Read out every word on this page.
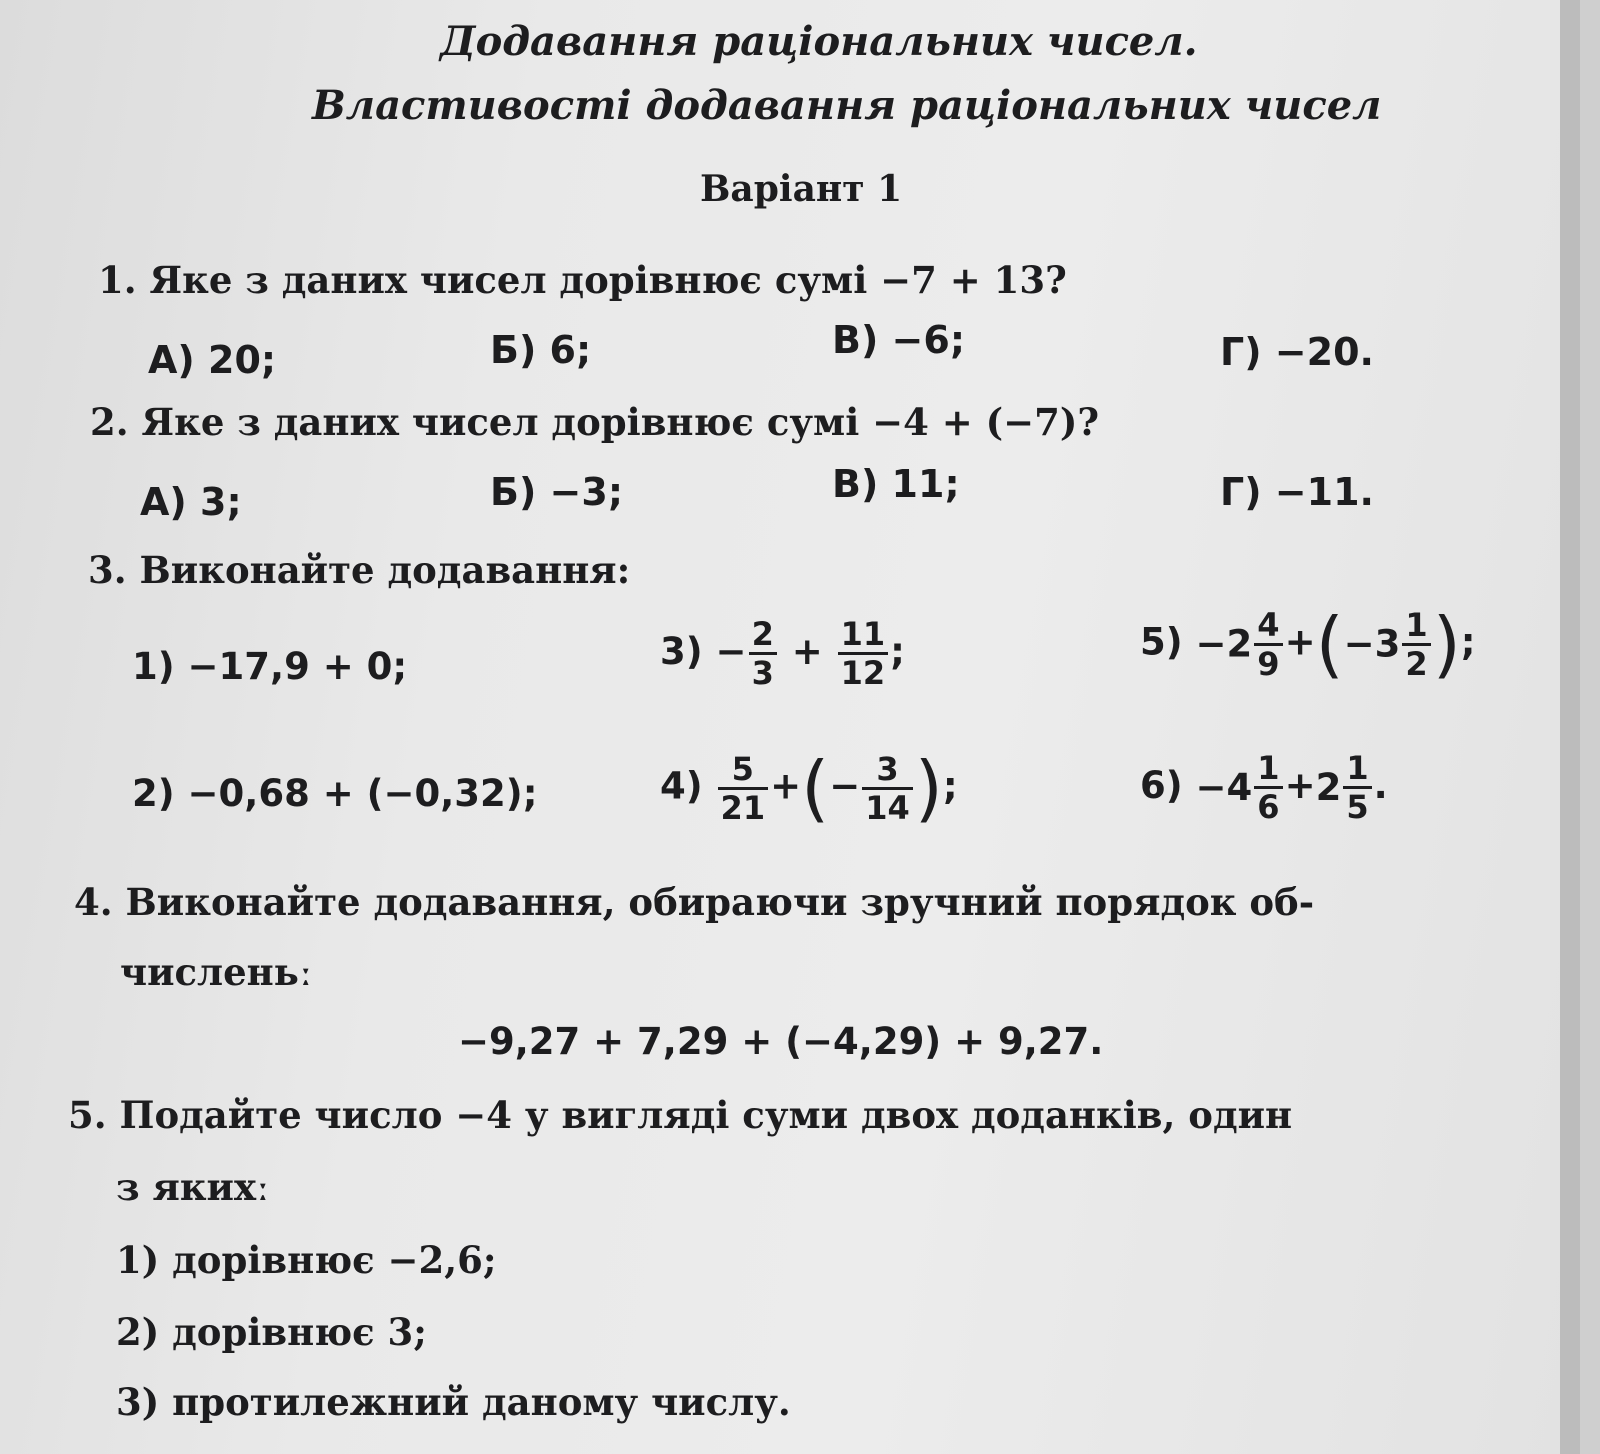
Додавання раціональних чисел.
Властивості додавання раціональних чисел
Варіант 1
1. Яке з даних чисел дорівнює сумі −7 + 13?
А) 20;	Б) 6;	В) −6;	Г) −20.
2. Яке з даних чисел дорівнює сумі −4 + (−7)?
А) 3;	Б) −3;	В) 11;	Г) −11.
3. Виконайте додавання:
1) −17,9 + 0;	$3) - \frac{2}{3} + \frac{11}{12}$ ;	$5) -2 \frac{4}{9} +(-3 \frac{1}{2}$ );
2) −0,68 + (−0,32);	$4) \frac{5}{21}$ +(− $\frac{3}{14}$ );	$6) -4 \frac{1}{6} +2 \frac{1}{5}$ .
4. Виконайте додавання, обираючи зручний порядок об-
численьː
−9,27 + 7,29 + (−4,29) + 9,27.
5. Подайте число −4 у вигляді суми двох доданків, один
з якихː
1) дорівнює −2,6;
2) дорівнює 3;
3) протилежний даному числу.
